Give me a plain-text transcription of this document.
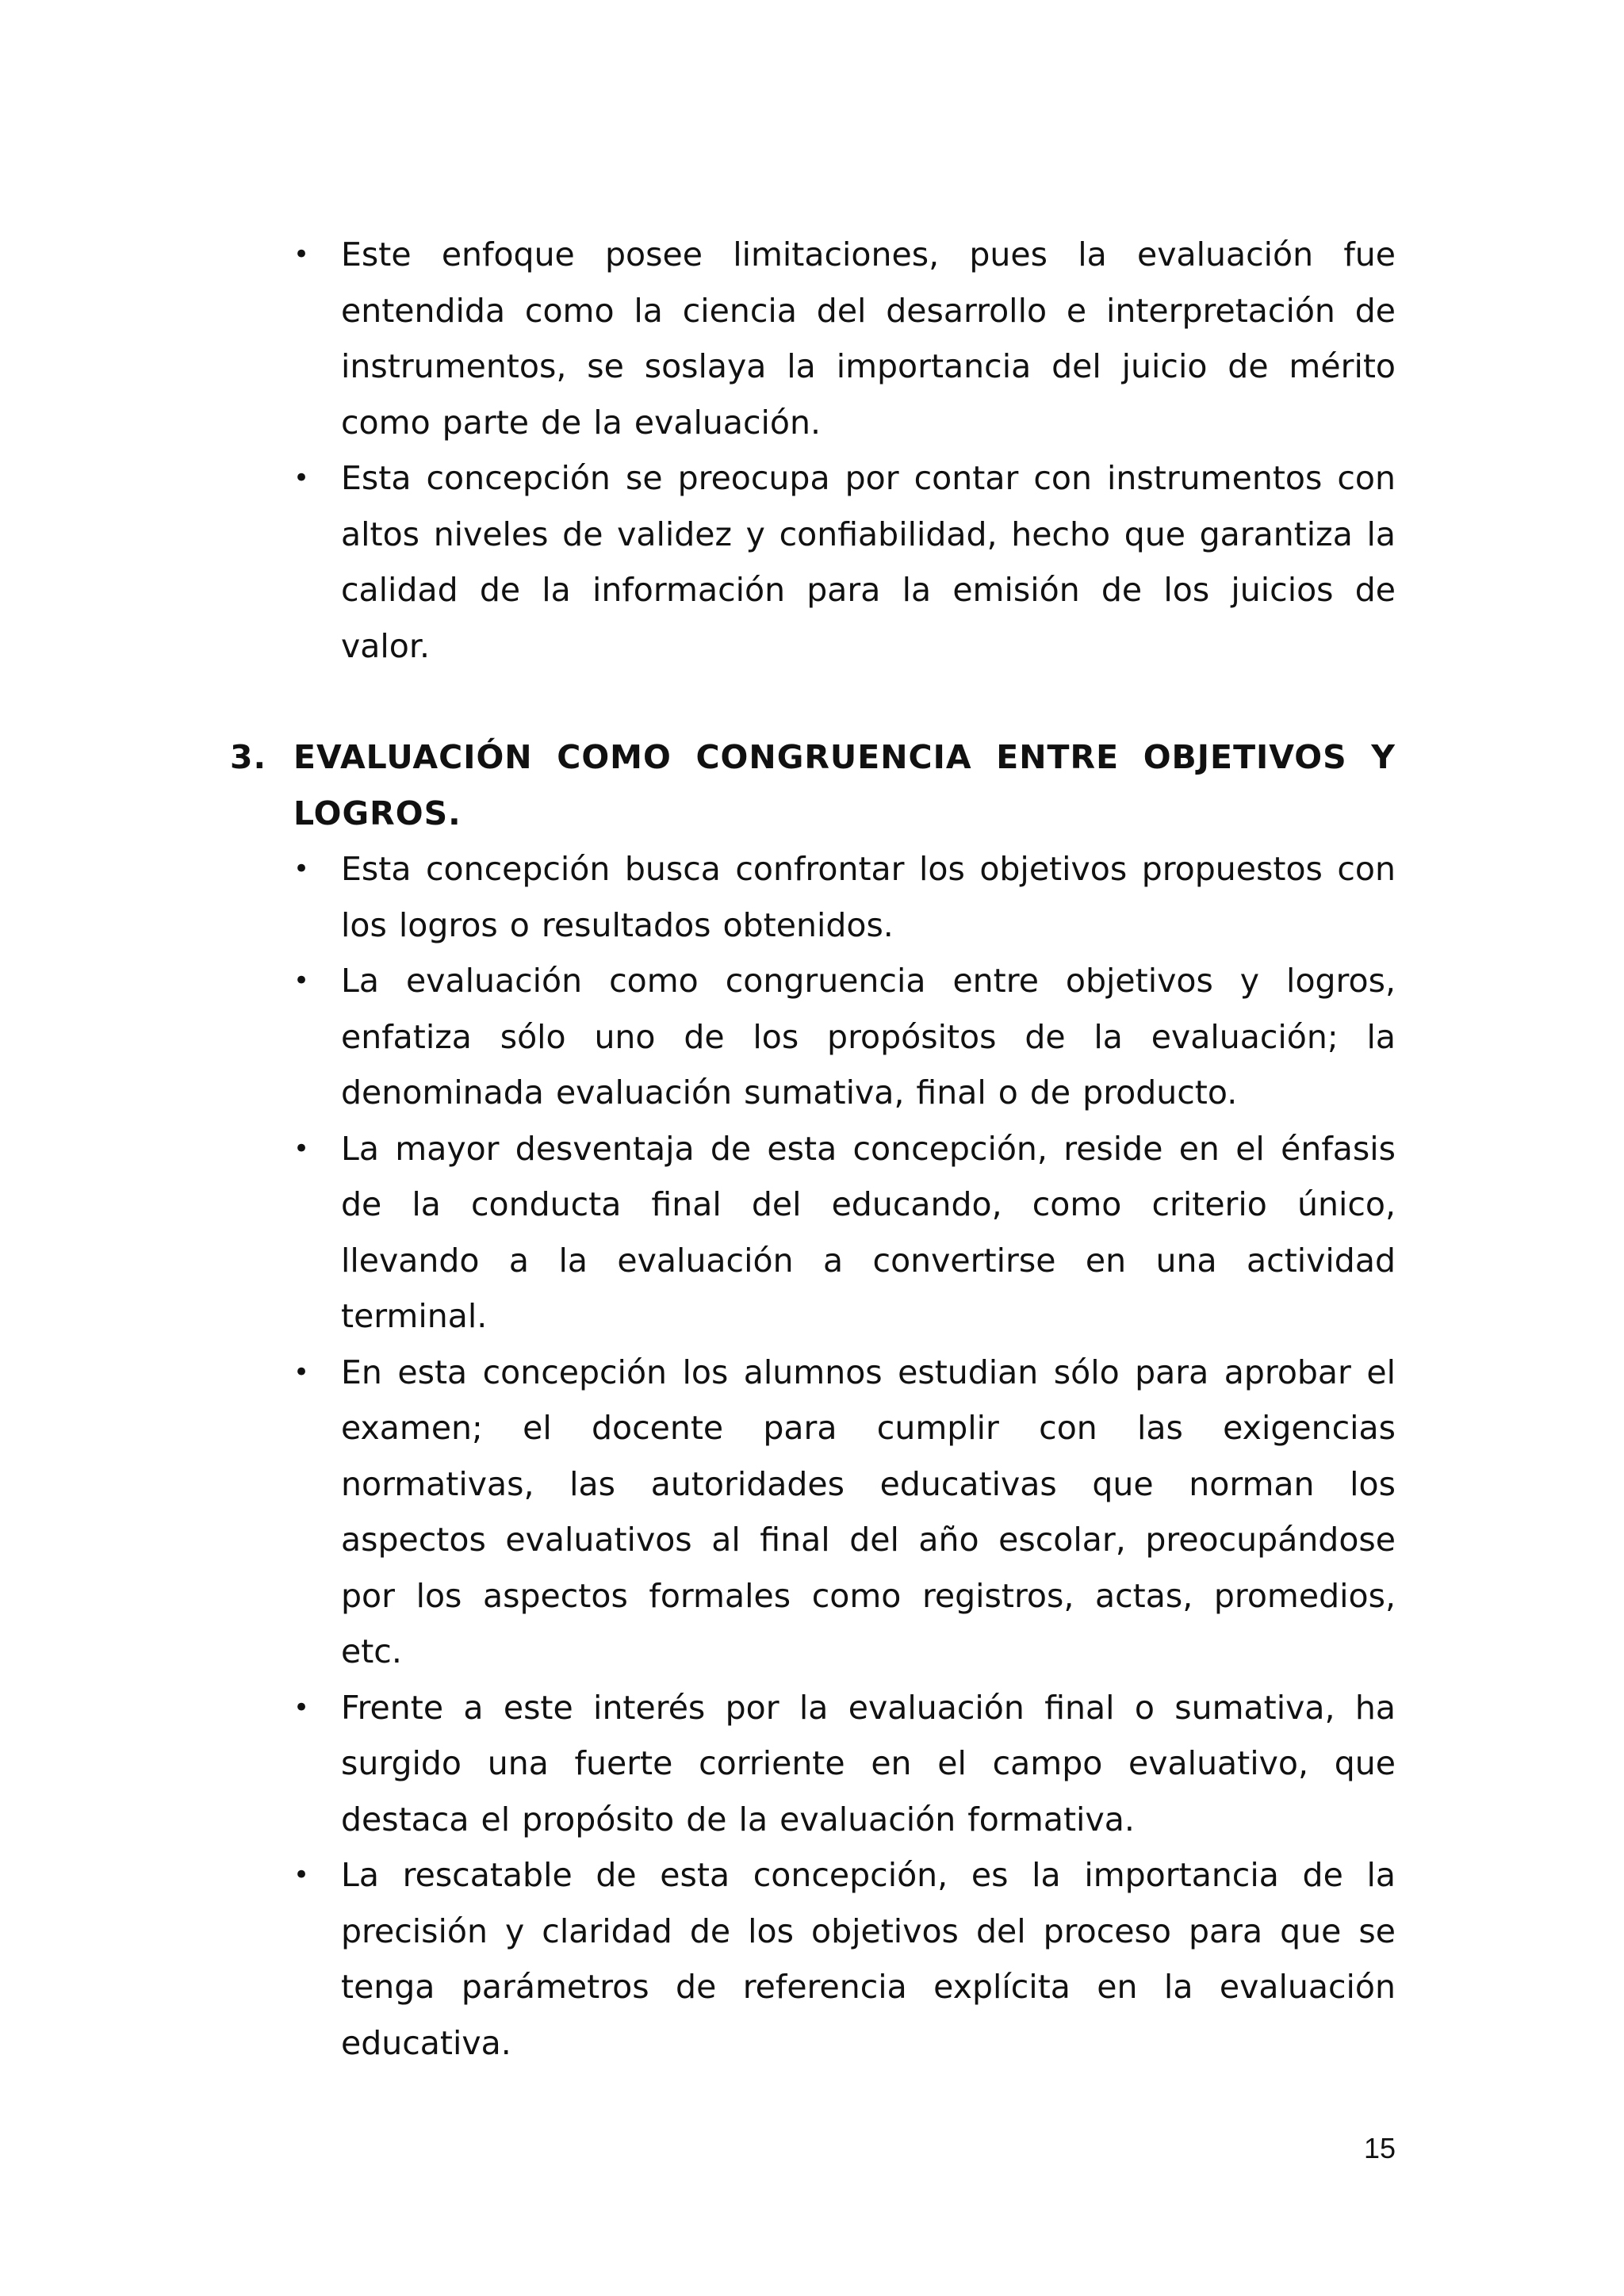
• Este enfoque posee limitaciones, pues la evaluación fue entendida como la ciencia del desarrollo e interpretación de instrumentos, se soslaya la importancia del juicio de mérito como parte de la evaluación.
• Esta concepción se preocupa por contar con instrumentos con altos niveles de validez y confiabilidad, hecho que garantiza la calidad de la información para la emisión de los juicios de valor.
3. EVALUACIÓN COMO CONGRUENCIA ENTRE OBJETIVOS Y LOGROS.
• Esta concepción busca confrontar los objetivos propuestos con los logros o resultados obtenidos.
• La evaluación como congruencia entre objetivos y logros, enfatiza sólo uno de los propósitos de la evaluación; la denominada evaluación sumativa, final o de producto.
• La mayor desventaja de esta concepción, reside en el énfasis de la conducta final del educando, como criterio único, llevando a la evaluación a convertirse en una actividad terminal.
• En esta concepción los alumnos estudian sólo para aprobar el examen; el docente para cumplir con las exigencias normativas, las autoridades educativas que norman los aspectos evaluativos al final del año escolar, preocupándose por los aspectos formales como registros, actas, promedios, etc.
• Frente a este interés por la evaluación final o sumativa, ha surgido una fuerte corriente en el campo evaluativo, que destaca el propósito de la evaluación formativa.
• La rescatable de esta concepción, es la importancia de la precisión y claridad de los objetivos del proceso para que se tenga parámetros de referencia explícita en la evaluación educativa.
15
